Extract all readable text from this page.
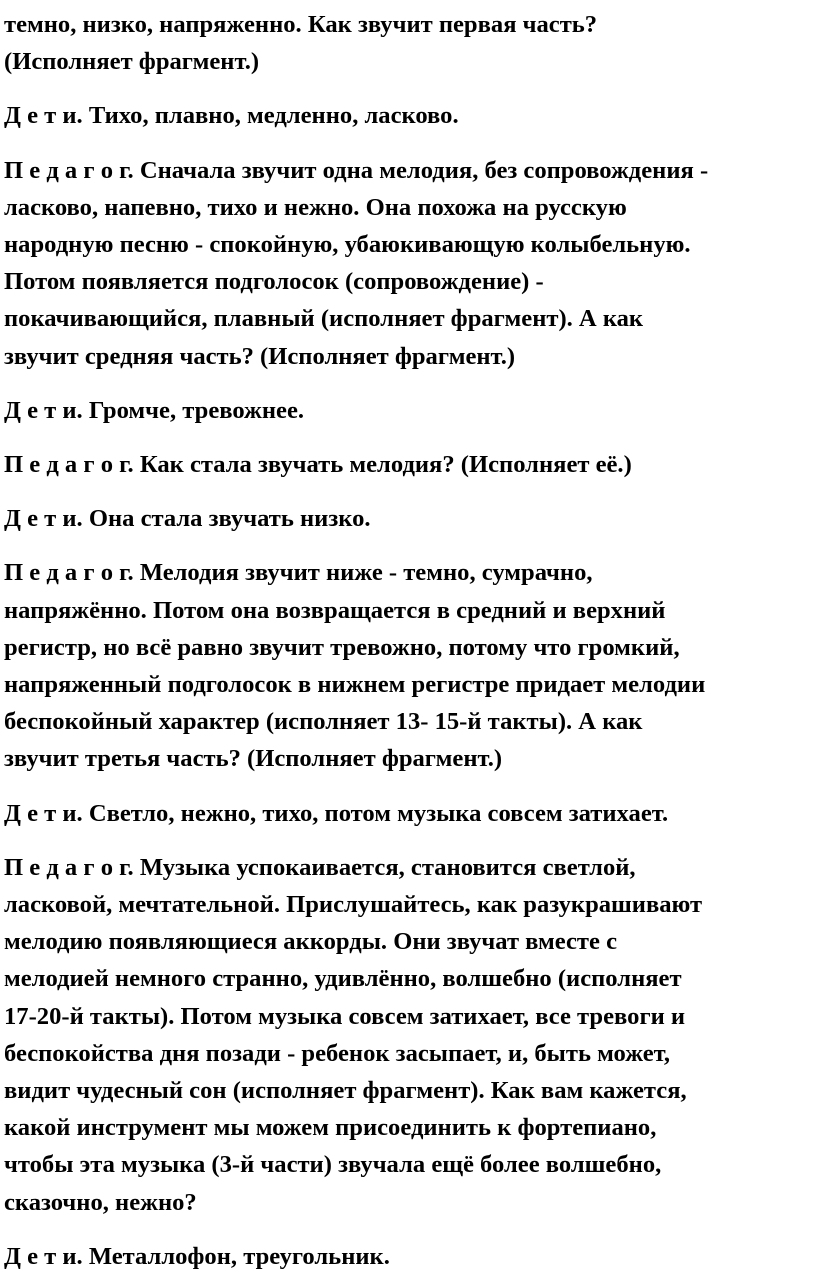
темно, низко, напряженно. Как звучит первая часть?
(Исполняет фрагмент.)
Д е т и. Тихо, плавно, медленно, ласково.
П е д а г о г. Сначала звучит одна мелодия, без сопровождения -
ласково, напевно, тихо и нежно. Она похожа на русскую
народную песню - спокойную, убаюкивающую колыбельную.
Потом появляется подголосок (сопровождение) -
покачивающийся, плавный (исполняет фрагмент). А как
звучит средняя часть? (Исполняет фрагмент.)
Д е т и. Громче, тревожнее.
П е д а г о г. Как стала звучать мелодия? (Исполняет её.)
Д е т и. Она стала звучать низко.
П е д а г о г. Мелодия звучит ниже - темно, сумрачно,
напряжённо. Потом она возвращается в средний и верхний
регистр, но всё равно звучит тревожно, потому что громкий,
напряженный подголосок в нижнем регистре придает мелодии
беспокойный характер (исполняет 13- 15-й такты). А как
звучит третья часть? (Исполняет фрагмент.)
Д е т и. Светло, нежно, тихо, потом музыка совсем затихает.
П е д а г о г. Музыка успокаивается, становится светлой,
ласковой, мечтательной. Прислушайтесь, как разукрашивают
мелодию появляющиеся аккорды. Они звучат вместе с
мелодией немного странно, удивлённо, волшебно (исполняет
17-20-й такты). Потом музыка совсем затихает, все тревоги и
беспокойства дня позади - ребенок засыпает, и, быть может,
видит чудесный сон (исполняет фрагмент). Как вам кажется,
какой инструмент мы можем присоединить к фортепиано,
чтобы эта музыка (3-й части) звучала ещё более волшебно,
сказочно, нежно?
Д е т и. Металлофон, треугольник.
